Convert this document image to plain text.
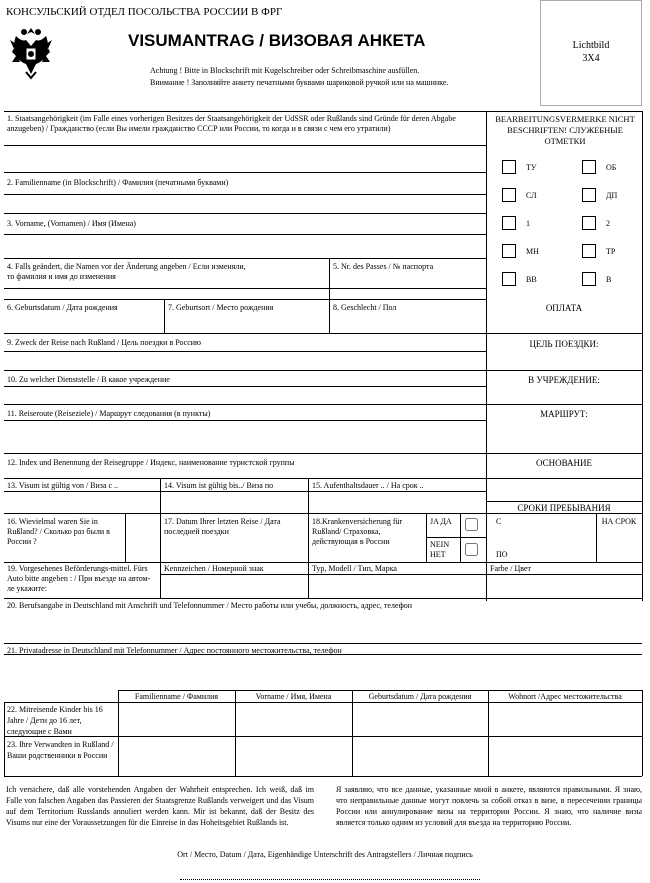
КОНСУЛЬСКИЙ ОТДЕЛ ПОСОЛЬСТВА РОССИИ В ФРГ
VISUMANTRAG / ВИЗОВАЯ АНКЕТА
Achtung ! Bitte in Blockschrift mit Kugelschreiber oder Schreibmaschine ausfüllen.
Внимание ! Заполняйте анкету печатными буквами шариковой ручкой или на машинке.
Lichtbild
3X4
1. Staatsangehörigkeit (im Falle eines vorherigen Besitzes der Staatsangehörigkeit der UdSSR oder Rußlands sind Gründe für deren Abgabe anzugeben) / Гражданство (если Вы имели гражданство СССР или России, то когда и в связи с чем его утратили)
2. Familienname (in Blockschrift) / Фамилия (печатными буквами)
3. Vorname, (Vornamen) / Имя (Имена)
4. Falls geändert, die Namen vor der Änderung angeben / Если изменяли, то фамилия и имя до изменения
5. Nr. des Passes / № паспорта
6. Geburtsdatum / Дата рождения	7. Geburtsort / Место рождения	8. Geschlecht / Пол
9. Zweck der Reise nach Rußland / Цель поездки в Россию
10. Zu welcher Dienststelle / В какое учреждение
11. Reiseroute (Reiseziele) / Маршрут следования (в пункты)
12. Index und Benennung der Reisegruppe / Индекс, наименование туристской группы
13. Visum ist gültig von / Виза с ..	14. Visum ist gültig bis../ Виза по	15. Aufenthaltsdauer .. / На срок ..
16. Wievielmal waren Sie in Rußland? / Сколько раз были в России ?
17. Datum Ihrer letzten Reise / Дата последней поездки
18.Krankenversicherung für Rußland/ Страховка, действующая в России
JA ДА
NEIN НЕТ
19. Vorgesehenes Beförderungs-mittel. Fürs Auto bitte angeben : / При въезде на автом-ле укажите:
Kennzeichen / Номерной знак	Typ, Modell / Тип, Марка	Farbe / Цвет
20. Berufsangabe in Deutschland mit Anschrift und Telefonnummer / Место работы или учебы, должность, адрес, телефон
21. Privatadresse in Deutschland mit Telefonnummer / Адрес постоянного местожительства, телефон
Familienname / Фамилия	Vorname / Имя, Имена	Geburtsdatum / Дата рождения	Wohnort /Адрес местожительства
22. Mitreisende Kinder bis 16 Jahre / Дети до 16 лет, следующие с Вами
23. Ihre Verwandten in Rußland / Ваши родственники в России
BEARBEITUNGSVERMERKE NICHT BESCHRIFTEN! СЛУЖЕБНЫЕ ОТМЕТКИ
ТУ	ОБ
СЛ	ДП
1	2
МН	ТР
ВВ	В
ОПЛАТА
ЦЕЛЬ ПОЕЗДКИ:
В УЧРЕЖДЕНИЕ:
МАРШРУТ:
ОСНОВАНИЕ
СРОКИ ПРЕБЫВАНИЯ
С
ПО
НА СРОК
Ich versichere, daß alle vorstehenden Angaben der Wahrheit entsprechen. Ich weiß, daß im Falle von falschen Angaben das Passieren der Staatsgrenze Rußlands verweigert und das Visum auf dem Territorium Russlands annuliert werden kann. Mir ist bekannt, daß der Besitz des Visums nur eine der Voraussetzungen für die Einreise in das Hoheitsgebiet Rußlands ist.
Я заявляю, что все данные, указанные мной в анкете, являются правильными. Я знаю, что неправильные данные могут повлечь за собой отказ в визе, в пересечении границы России или аннулирование визы на территории России. Я знаю, что наличие визы является только одним из условий для въезда на территорию России.
Ort / Место, Datum / Дата, Eigenhändige Unterschrift des Antragstellers / Личная подпись
